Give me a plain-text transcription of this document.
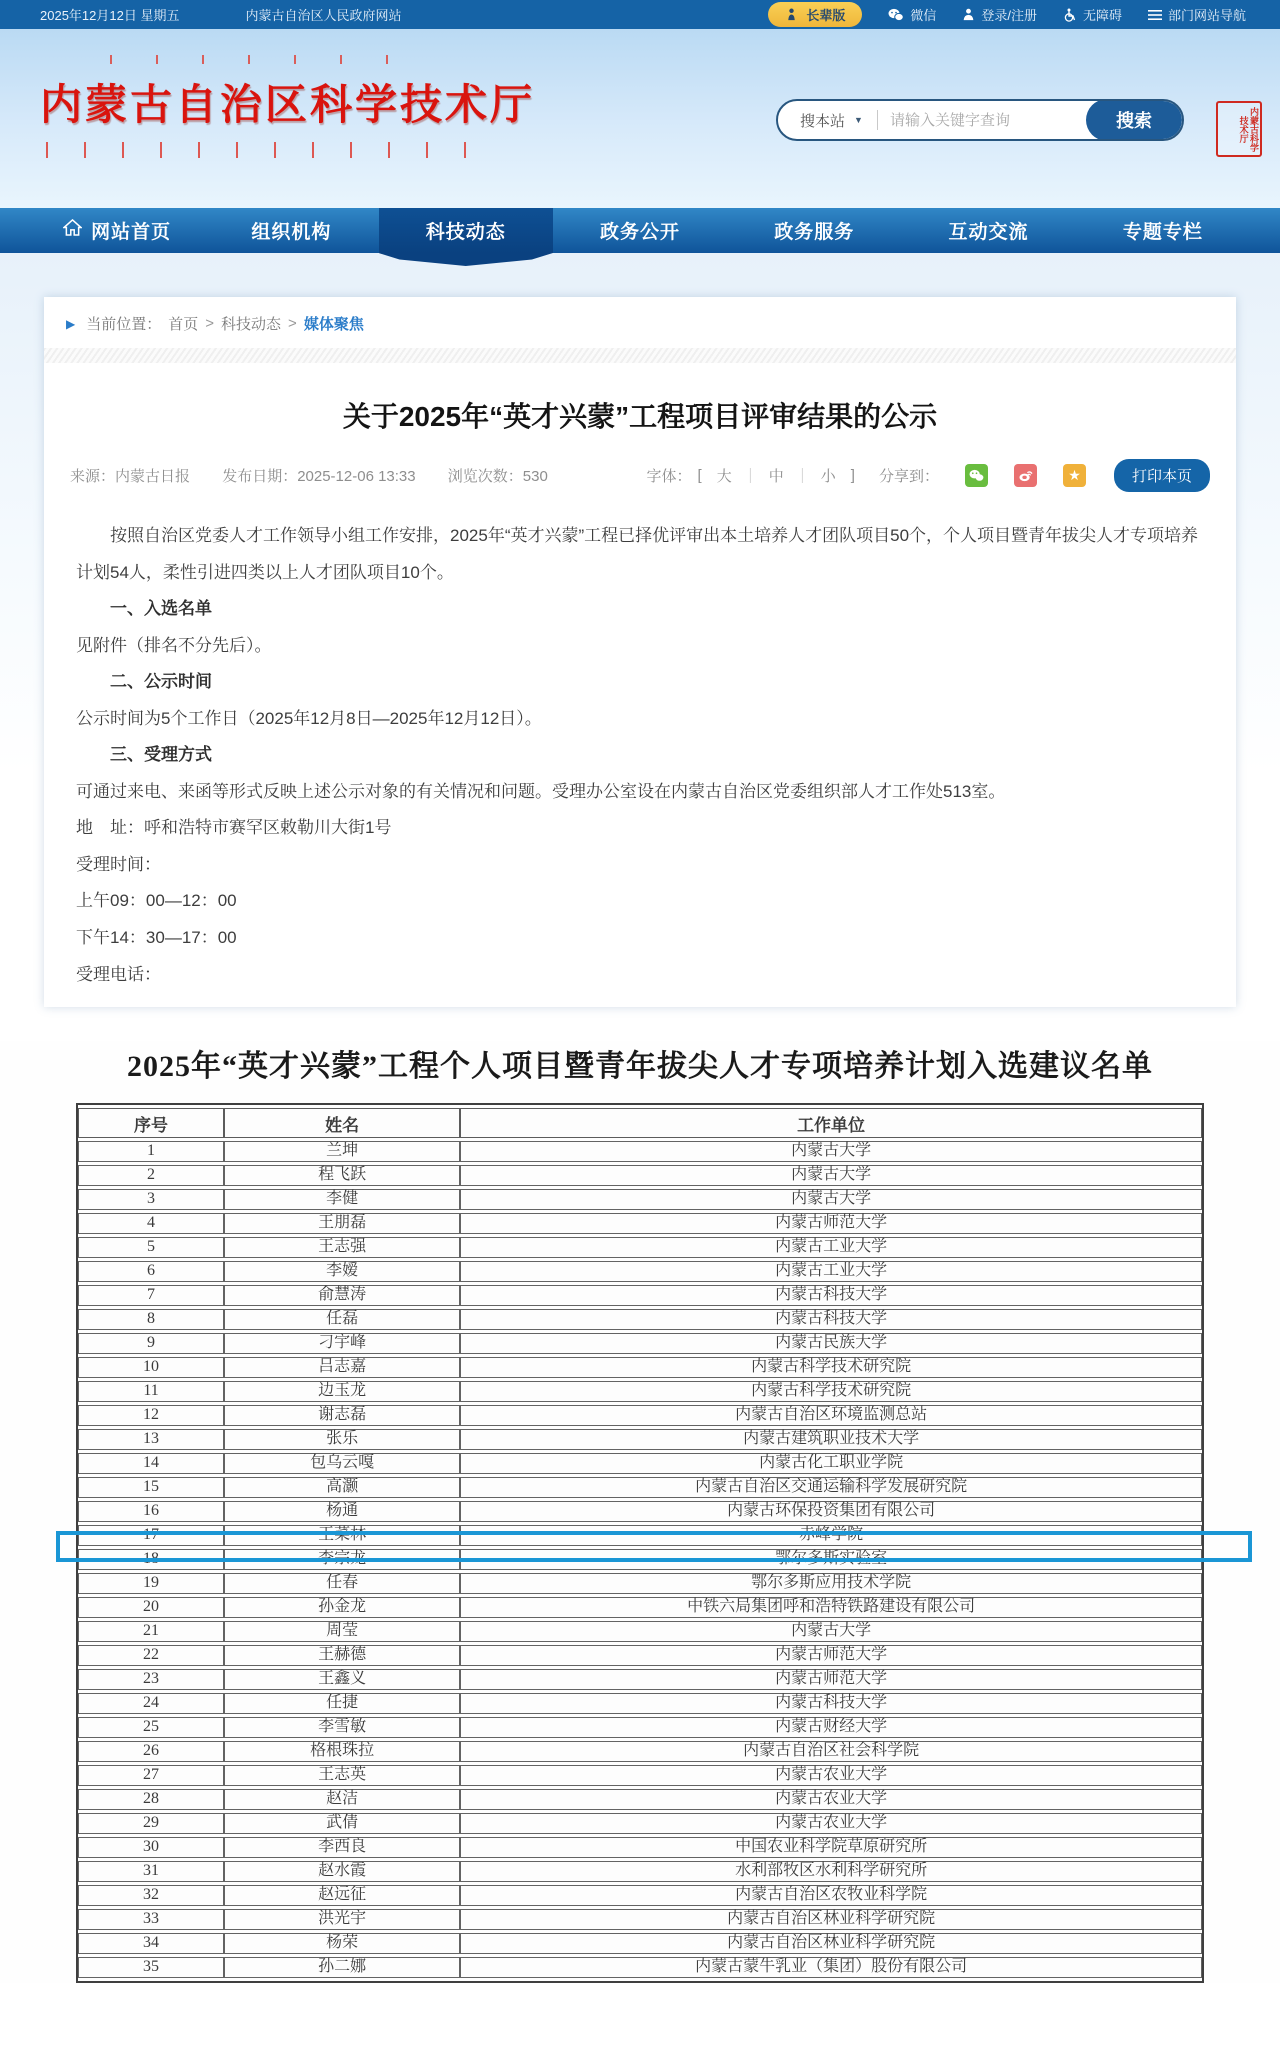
2025年12月12日 星期五	内蒙古自治区人民政府网站	长辈版	微信	登录/注册	无障碍	部门网站导航
内蒙古自治区科学技术厅	搜本站 ▼
请输入关键字查询	搜索	内蒙古科学技术厅
网站首页	组织机构	科技动态	政务公开	政务服务	互动交流	专题专栏
▶ 当前位置： 首页 > 科技动态 > 媒体聚焦
关于2025年“英才兴蒙”工程项目评审结果的公示
来源：内蒙古日报 发布日期：2025-12-06 13:33 浏览次数：530	字体： [ 大 ｜ 中 ｜ 小 ] 分享到：	★	打印本页

按照自治区党委人才工作领导小组工作安排，2025年“英才兴蒙”工程已择优评审出本土培养人才团队项目50个，个人项目暨青年拔尖人才专项培养计划54人，柔性引进四类以上人才团队项目10个。

一、入选名单

见附件（排名不分先后）。

二、公示时间

公示时间为5个工作日（2025年12月8日—2025年12月12日）。

三、受理方式

可通过来电、来函等形式反映上述公示对象的有关情况和问题。受理办公室设在内蒙古自治区党委组织部人才工作处513室。

地　址：呼和浩特市赛罕区敕勒川大街1号

受理时间：

上午09：00—12：00

下午14：30—17：00

受理电话：

2025年“英才兴蒙”工程个人项目暨青年拔尖人才专项培养计划入选建议名单
序号	姓名	工作单位
1	兰坤	内蒙古大学
2	程飞跃	内蒙古大学
3	李健	内蒙古大学
4	王朋磊	内蒙古师范大学
5	王志强	内蒙古工业大学
6	李嫒	内蒙古工业大学
7	俞慧涛	内蒙古科技大学
8	任磊	内蒙古科技大学
9	刁宇峰	内蒙古民族大学
10	吕志嘉	内蒙古科学技术研究院
11	边玉龙	内蒙古科学技术研究院
12	谢志磊	内蒙古自治区环境监测总站
13	张乐	内蒙古建筑职业技术大学
14	包乌云嘎	内蒙古化工职业学院
15	高灏	内蒙古自治区交通运输科学发展研究院
16	杨通	内蒙古环保投资集团有限公司
17	王菜林	赤峰学院
18	李宗龙	鄂尔多斯实验室
19	任春	鄂尔多斯应用技术学院
20	孙金龙	中铁六局集团呼和浩特铁路建设有限公司
21	周莹	内蒙古大学
22	王赫德	内蒙古师范大学
23	王鑫义	内蒙古师范大学
24	任捷	内蒙古科技大学
25	李雪敏	内蒙古财经大学
26	格根珠拉	内蒙古自治区社会科学院
27	王志英	内蒙古农业大学
28	赵洁	内蒙古农业大学
29	武倩	内蒙古农业大学
30	李西良	中国农业科学院草原研究所
31	赵水霞	水利部牧区水利科学研究所
32	赵远征	内蒙古自治区农牧业科学院
33	洪光宇	内蒙古自治区林业科学研究院
34	杨荣	内蒙古自治区林业科学研究院
35	孙二娜	内蒙古蒙牛乳业（集团）股份有限公司
